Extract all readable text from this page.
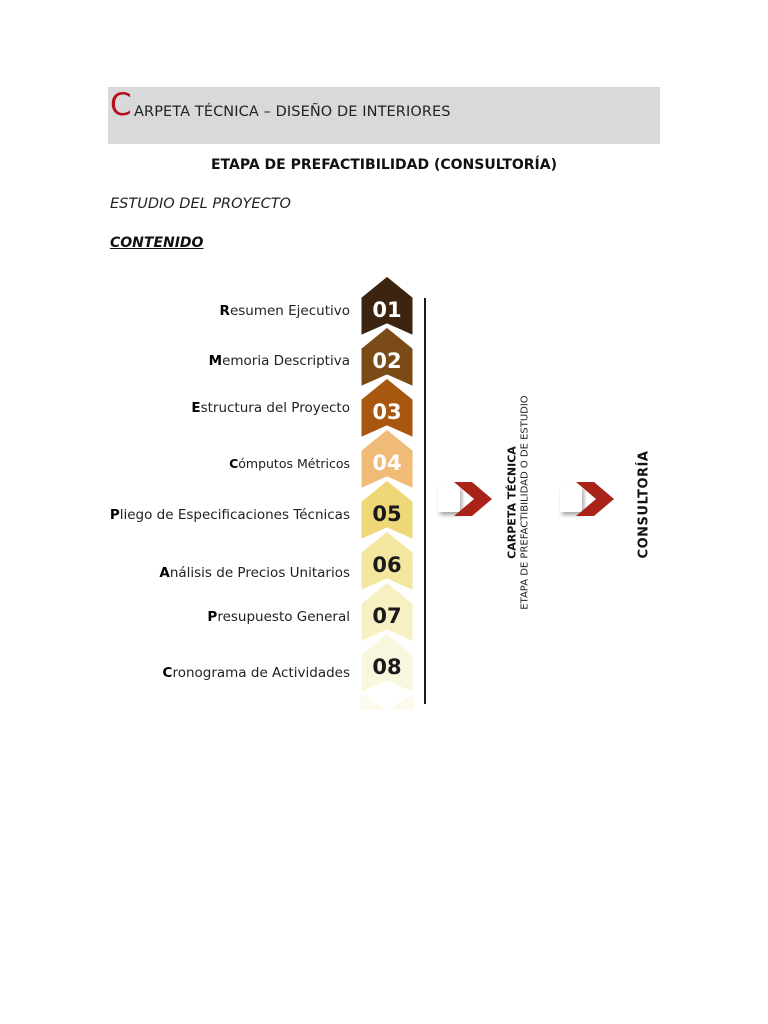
C ARPETA TÉCNICA – DISEÑO DE INTERIORES
ETAPA DE PREFACTIBILIDAD (CONSULTORÍA)
ESTUDIO DEL PROYECTO
CONTENIDO
Resumen Ejecutivo
Memoria Descriptiva
Estructura del Proyecto
Cómputos Métricos
Pliego de Especificaciones Técnicas
Análisis de Precios Unitarios
Presupuesto General
Cronograma de Actividades
01
02
03
04
05
06
07
08
CARPETA TÉCNICA ETAPA DE PREFACTIBILIDAD O DE ESTUDIO	CONSULTORÍA
